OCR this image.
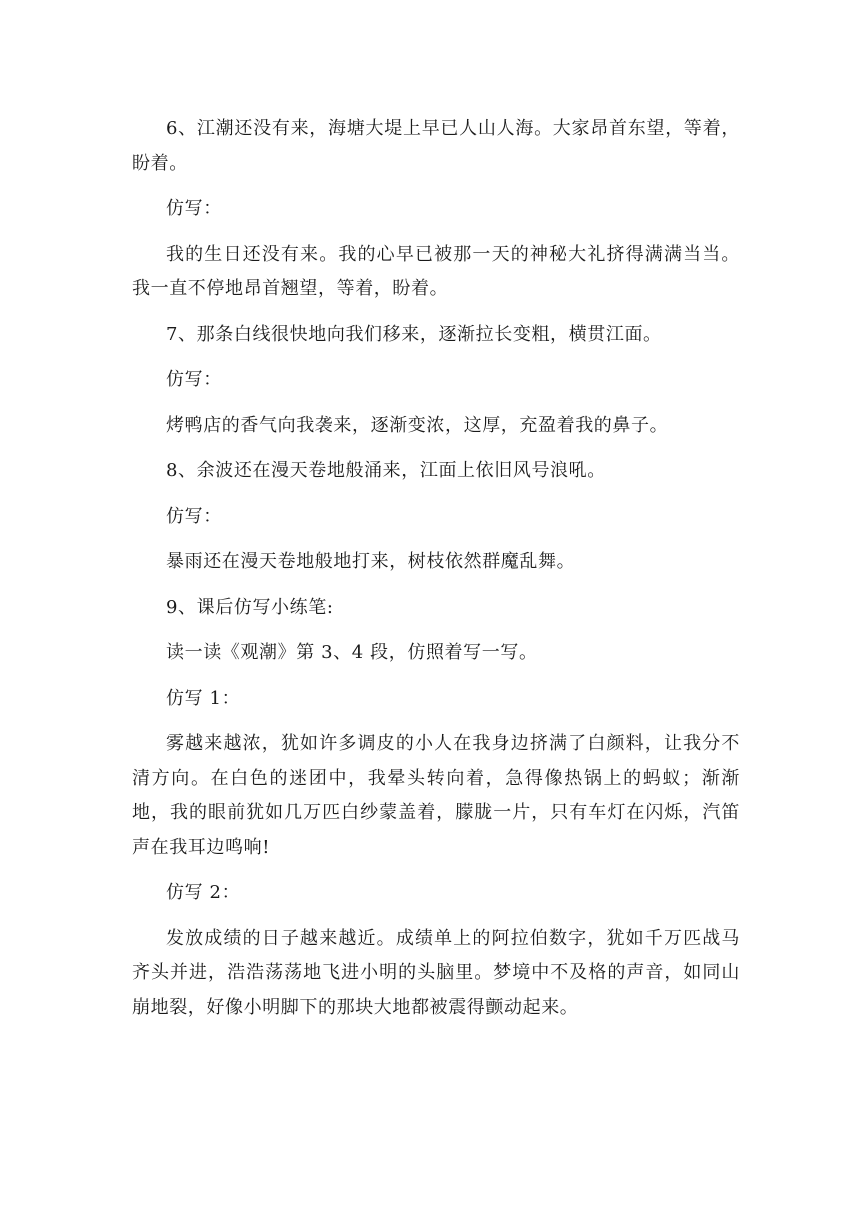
6、江潮还没有来，海塘大堤上早已人山人海。大家昂首东望，等着，盼着。

仿写：

我的生日还没有来。我的心早已被那一天的神秘大礼挤得满满当当。我一直不停地昂首翘望，等着，盼着。

7、那条白线很快地向我们移来，逐渐拉长变粗，横贯江面。

仿写：

烤鸭店的香气向我袭来，逐渐变浓，这厚，充盈着我的鼻子。

8、余波还在漫天卷地般涌来，江面上依旧风号浪吼。

仿写：

暴雨还在漫天卷地般地打来，树枝依然群魔乱舞。

9、课后仿写小练笔:

读一读《观潮》第 3、4 段，仿照着写一写。

仿写 1：

雾越来越浓，犹如许多调皮的小人在我身边挤满了白颜料，让我分不清方向。在白色的迷团中，我晕头转向着，急得像热锅上的蚂蚁；渐渐地，我的眼前犹如几万匹白纱蒙盖着，朦胧一片，只有车灯在闪烁，汽笛声在我耳边鸣响!

仿写 2：

发放成绩的日子越来越近。成绩单上的阿拉伯数字，犹如千万匹战马齐头并进，浩浩荡荡地飞进小明的头脑里。梦境中不及格的声音，如同山崩地裂，好像小明脚下的那块大地都被震得颤动起来。
